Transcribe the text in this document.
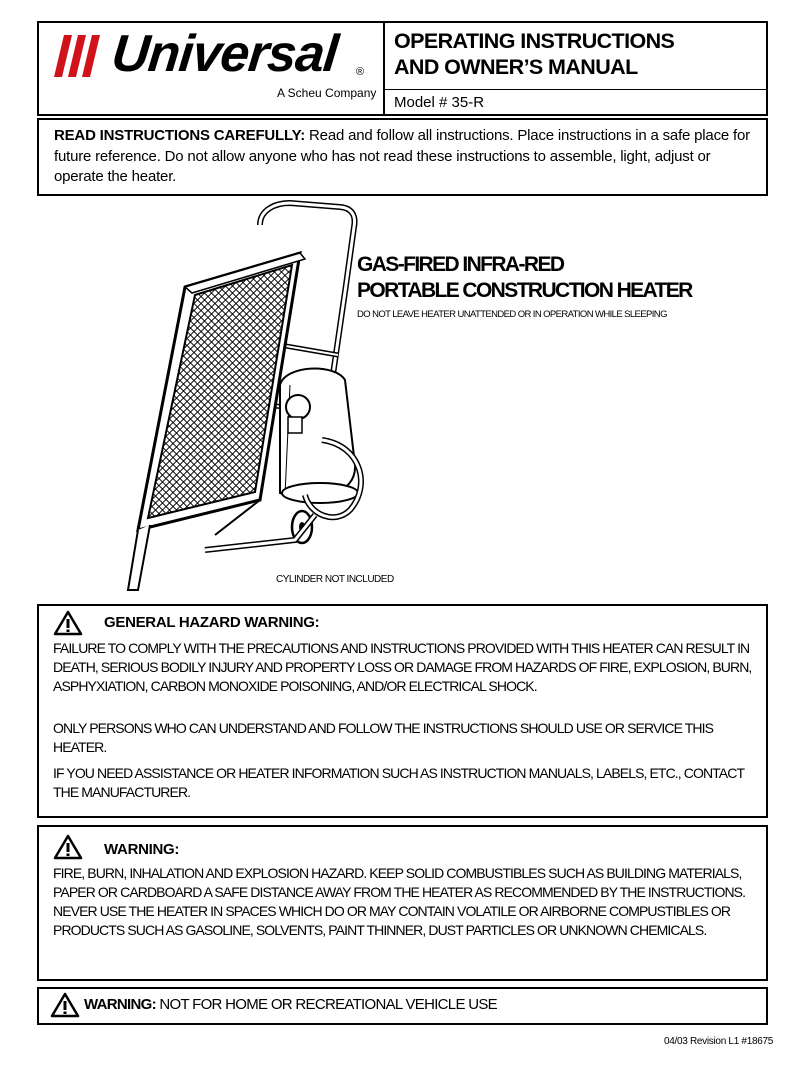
Universal ®
A Scheu Company
OPERATING INSTRUCTIONS
AND OWNER’S MANUAL
Model # 35-R
READ INSTRUCTIONS CAREFULLY: Read and follow all instructions. Place instructions in a safe place for future reference. Do not allow anyone who has not read these instructions to assemble, light, adjust or operate the heater.
GAS-FIRED INFRA-RED
PORTABLE CONSTRUCTION HEATER
DO NOT LEAVE HEATER UNATTENDED OR IN OPERATION WHILE SLEEPING
CYLINDER NOT INCLUDED
GENERAL HAZARD WARNING:
FAILURE TO COMPLY WITH THE PRECAUTIONS AND INSTRUCTIONS PROVIDED WITH THIS HEATER CAN RESULT IN DEATH, SERIOUS BODILY INJURY AND PROPERTY LOSS OR DAMAGE FROM HAZARDS OF FIRE, EXPLOSION, BURN, ASPHYXIATION, CARBON MONOXIDE POISONING, AND/OR ELECTRICAL SHOCK.
ONLY PERSONS WHO CAN UNDERSTAND AND FOLLOW THE INSTRUCTIONS SHOULD USE OR SERVICE THIS HEATER.
IF YOU NEED ASSISTANCE OR HEATER INFORMATION SUCH AS INSTRUCTION MANUALS, LABELS, ETC., CONTACT THE MANUFACTURER.
WARNING:
FIRE, BURN, INHALATION AND EXPLOSION HAZARD. KEEP SOLID COMBUSTIBLES SUCH AS BUILDING MATERIALS, PAPER OR CARDBOARD A SAFE DISTANCE AWAY FROM THE HEATER AS RECOMMENDED BY THE INSTRUCTIONS. NEVER USE THE HEATER IN SPACES WHICH DO OR MAY CONTAIN VOLATILE OR AIRBORNE COMPUSTIBLES OR PRODUCTS SUCH AS GASOLINE, SOLVENTS, PAINT THINNER, DUST PARTICLES OR UNKNOWN CHEMICALS.
WARNING: NOT FOR HOME OR RECREATIONAL VEHICLE USE
04/03 Revision L1 #18675
